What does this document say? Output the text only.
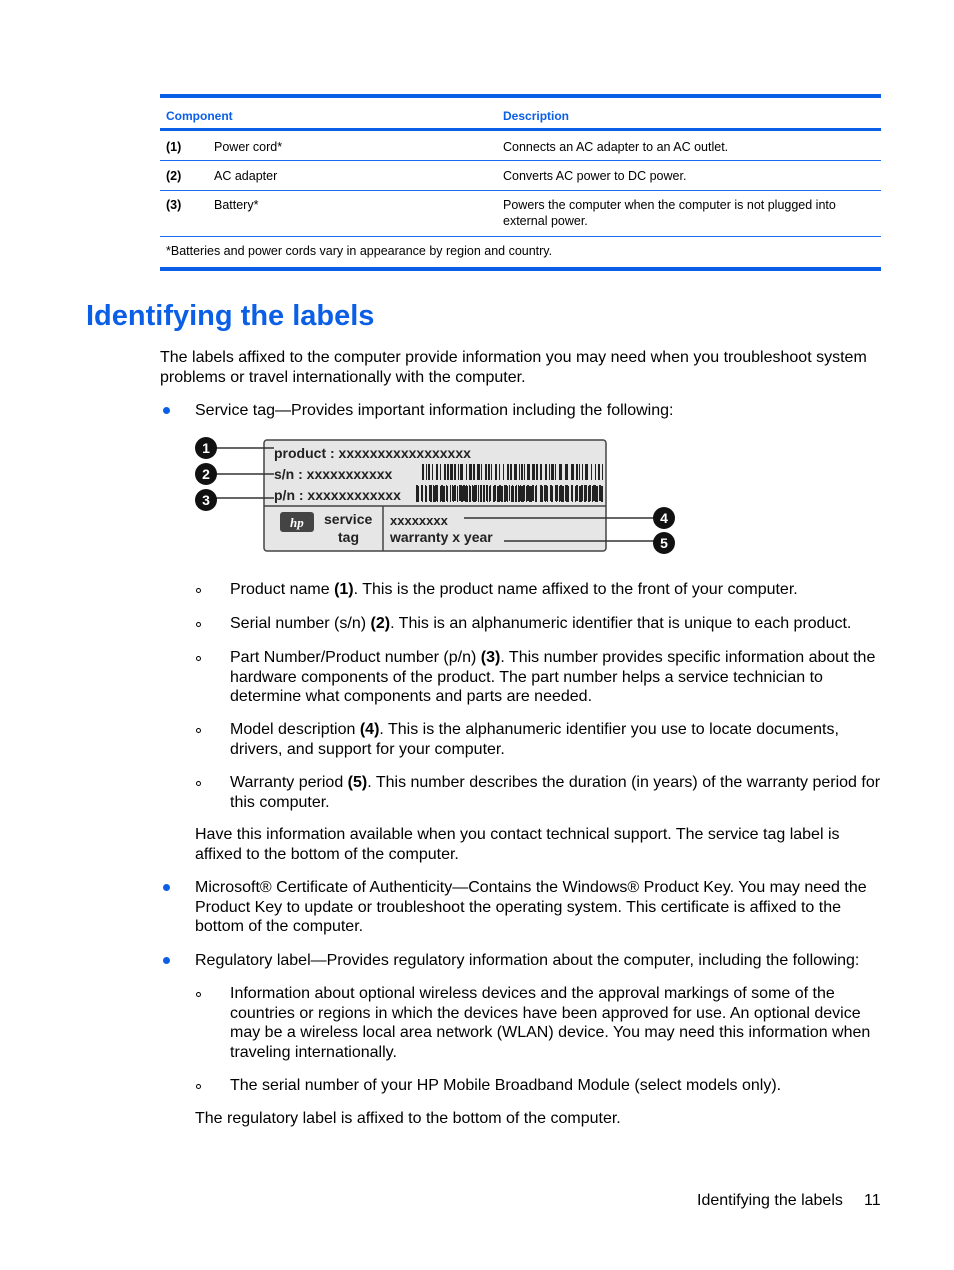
Component	Description
(1)	Power cord*	Connects an AC adapter to an AC outlet.
(2)	AC adapter	Converts AC power to DC power.
(3)	Battery*	Powers the computer when the computer is not plugged into external power.
*Batteries and power cords vary in appearance by region and country.
Identifying the labels
The labels affixed to the computer provide information you may need when you troubleshoot system problems or travel internationally with the computer.
Service tag—Provides important information including the following:
product : xxxxxxxxxxxxxxxxx
s/n : xxxxxxxxxxx
p/n : xxxxxxxxxxxx
hp service
tag
xxxxxxxx
warranty x year
1
2
3
4
5
Product name (1). This is the product name affixed to the front of your computer.
Serial number (s/n) (2). This is an alphanumeric identifier that is unique to each product.
Part Number/Product number (p/n) (3). This number provides specific information about the hardware components of the product. The part number helps a service technician to determine what components and parts are needed.
Model description (4). This is the alphanumeric identifier you use to locate documents, drivers, and support for your computer.
Warranty period (5). This number describes the duration (in years) of the warranty period for this computer.
Have this information available when you contact technical support. The service tag label is affixed to the bottom of the computer.
Microsoft® Certificate of Authenticity—Contains the Windows® Product Key. You may need the Product Key to update or troubleshoot the operating system. This certificate is affixed to the bottom of the computer.
Regulatory label—Provides regulatory information about the computer, including the following:
Information about optional wireless devices and the approval markings of some of the countries or regions in which the devices have been approved for use. An optional device may be a wireless local area network (WLAN) device. You may need this information when traveling internationally.
The serial number of your HP Mobile Broadband Module (select models only).
The regulatory label is affixed to the bottom of the computer.
Identifying the labels 11
